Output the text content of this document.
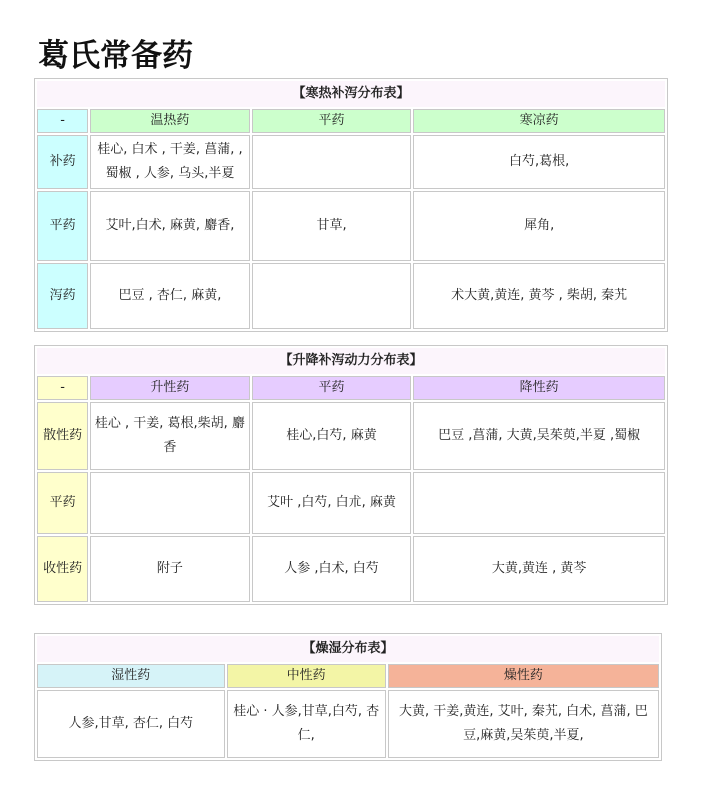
葛氏常备药
【寒热补泻分布表】			
-	温热药	平药	寒凉药
补药	桂心, 白术 , 干姜, 菖蒲, , 蜀椒 , 人参, 乌头,半夏		白芍,葛根,
平药	艾叶,白术, 麻黄, 麝香,	甘草,	犀角,
泻药	巴豆 , 杏仁, 麻黄,		术大黄,黄连, 黄芩 , 柴胡, 秦艽
【升降补泻动力分布表】			
-	升性药	平药	降性药
散性药	桂心 , 干姜, 葛根,柴胡, 麝香	桂心,白芍, 麻黄	巴豆 ,菖蒲, 大黄,吴茱萸,半夏 ,蜀椒
平药		艾叶 ,白芍, 白朮, 麻黄	
收性药	附子	人参 ,白术, 白芍	大黄,黄连 , 黄芩
【燥湿分布表】		
湿性药	中性药	燥性药
人参,甘草, 杏仁, 白芍	桂心 · 人参,甘草,白芍, 杏仁,	大黄, 干姜,黄连, 艾叶, 秦艽, 白术, 菖蒲, 巴豆,麻黄,吴茱萸,半夏,
